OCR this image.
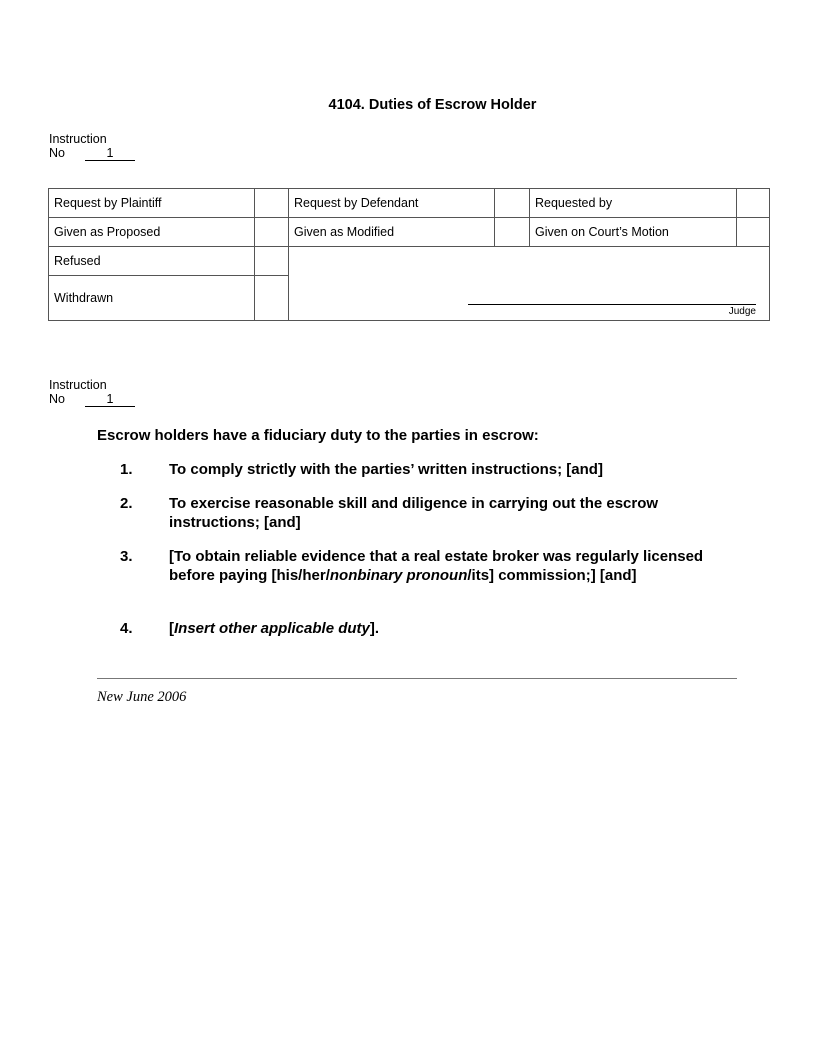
4104. Duties of Escrow Holder
Instruction
No	1
Request by Plaintiff		Request by Defendant		Requested by	
Given as Proposed		Given as Modified		Given on Court’s Motion	
Refused		Judge			

Withdrawn					
Instruction
No	1
Escrow holders have a fiduciary duty to the parties in escrow:
1.	To comply strictly with the parties’ written instructions; [and]
2.	To exercise reasonable skill and diligence in carrying out the escrow instructions; [and]
3.	[To obtain reliable evidence that a real estate broker was regularly licensed before paying [his/her/nonbinary pronoun/its] commission;] [and]
4.	[Insert other applicable duty].
New June 2006
